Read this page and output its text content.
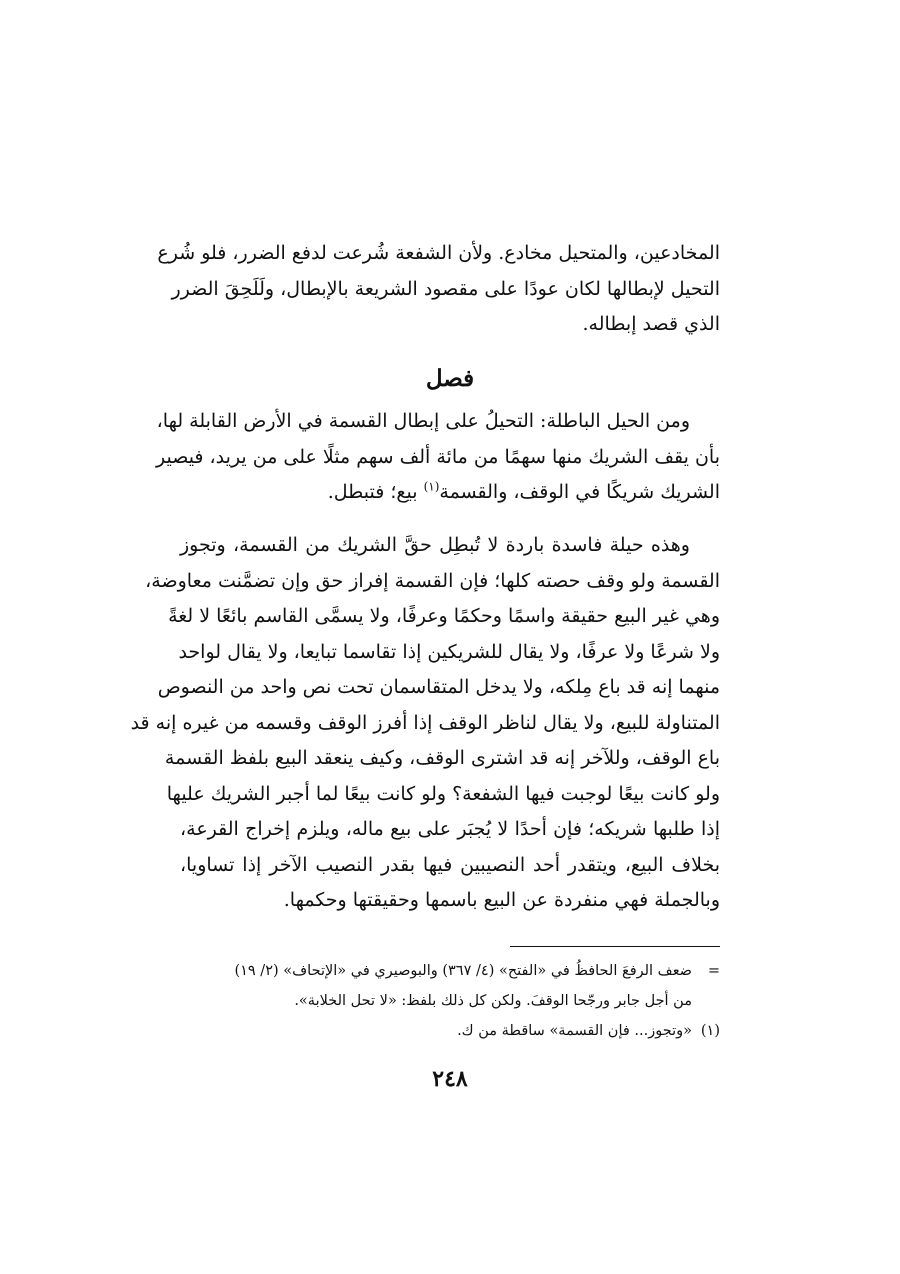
المخادعين، والمتحيل مخادع. ولأن الشفعة شُرعت لدفع الضرر، فلو شُرع
التحيل لإبطالها لكان عودًا على مقصود الشريعة بالإبطال، ولَلَحِقَ الضرر
الذي قصد إبطاله.
فصل
ومن الحيل الباطلة: التحيلُ على إبطال القسمة في الأرض القابلة لها،
بأن يقف الشريك منها سهمًا من مائة ألف سهم مثلًا على من يريد، فيصير
الشريك شريكًا في الوقف، والقسمة$^{(١)}$ بيع؛ فتبطل.
وهذه حيلة فاسدة باردة لا تُبطِل حقَّ الشريك من القسمة، وتجوز
القسمة ولو وقف حصته كلها؛ فإن القسمة إفراز حق وإن تضمَّنت معاوضة،
وهي غير البيع حقيقة واسمًا وحكمًا وعرفًا، ولا يسمَّى القاسم بائعًا لا لغةً
ولا شرعًا ولا عرفًا، ولا يقال للشريكين إذا تقاسما تبايعا، ولا يقال لواحد
منهما إنه قد باع مِلكه، ولا يدخل المتقاسمان تحت نص واحد من النصوص
المتناولة للبيع، ولا يقال لناظر الوقف إذا أفرز الوقف وقسمه من غيره إنه قد
باع الوقف، وللآخر إنه قد اشترى الوقف، وكيف ينعقد البيع بلفظ القسمة
ولو كانت بيعًا لوجبت فيها الشفعة؟ ولو كانت بيعًا لما أجبر الشريك عليها
إذا طلبها شريكه؛ فإن أحدًا لا يُجبَر على بيع ماله، ويلزم إخراج القرعة،
بخلاف البيع، ويتقدر أحد النصيبين فيها بقدر النصيب الآخر إذا تساويا،
وبالجملة فهي منفردة عن البيع باسمها وحقيقتها وحكمها.
=ضعف الرفعَ الحافظُ في «الفتح» (٤/ ٣٦٧) والبوصيري في «الإتحاف» (٢/ ١٩)
من أجل جابر ورجّحا الوقفَ. ولكن كل ذلك بلفظ: «لا تحل الخلابة».
(١)«وتجوز... فإن القسمة» ساقطة من ك.
٢٤٨
